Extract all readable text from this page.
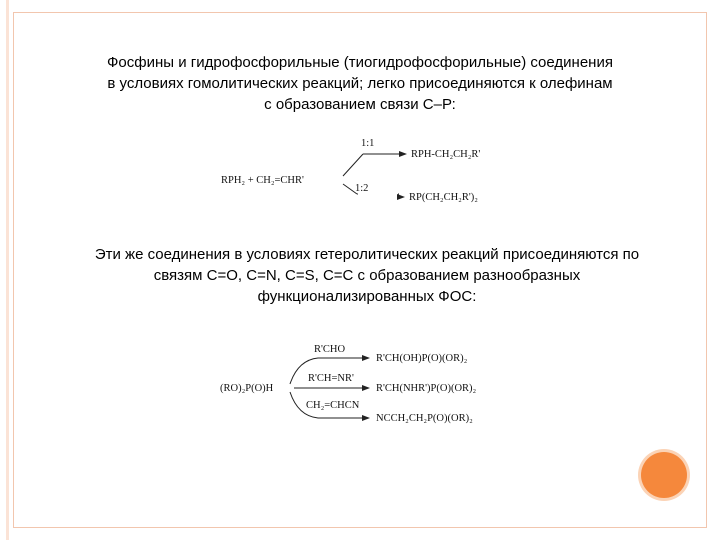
Фосфины и гидрофосфорильные (тиогидрофосфорильные) соединения
в условиях гомолитических реакций; легко присоединяются к олефинам
с образованием связи С–Р:

RPH₂ + CH₂=CHR'
1:1
RPH-CH₂CH₂R'
1:2
RP(CH₂CH₂R')₂

Эти же соединения в условиях гетеролитических реакций присоединяются по
связям С=О, С=N, C=S, C=C с образованием разнообразных
функционализированных ФОС:

(RO)₂P(O)H
R'CHO
R'CH(OH)P(O)(OR)₂
R'CH=NR'
R'CH(NHR')P(O)(OR)₂
CH₂=CHCN
NCCH₂CH₂P(O)(OR)₂
